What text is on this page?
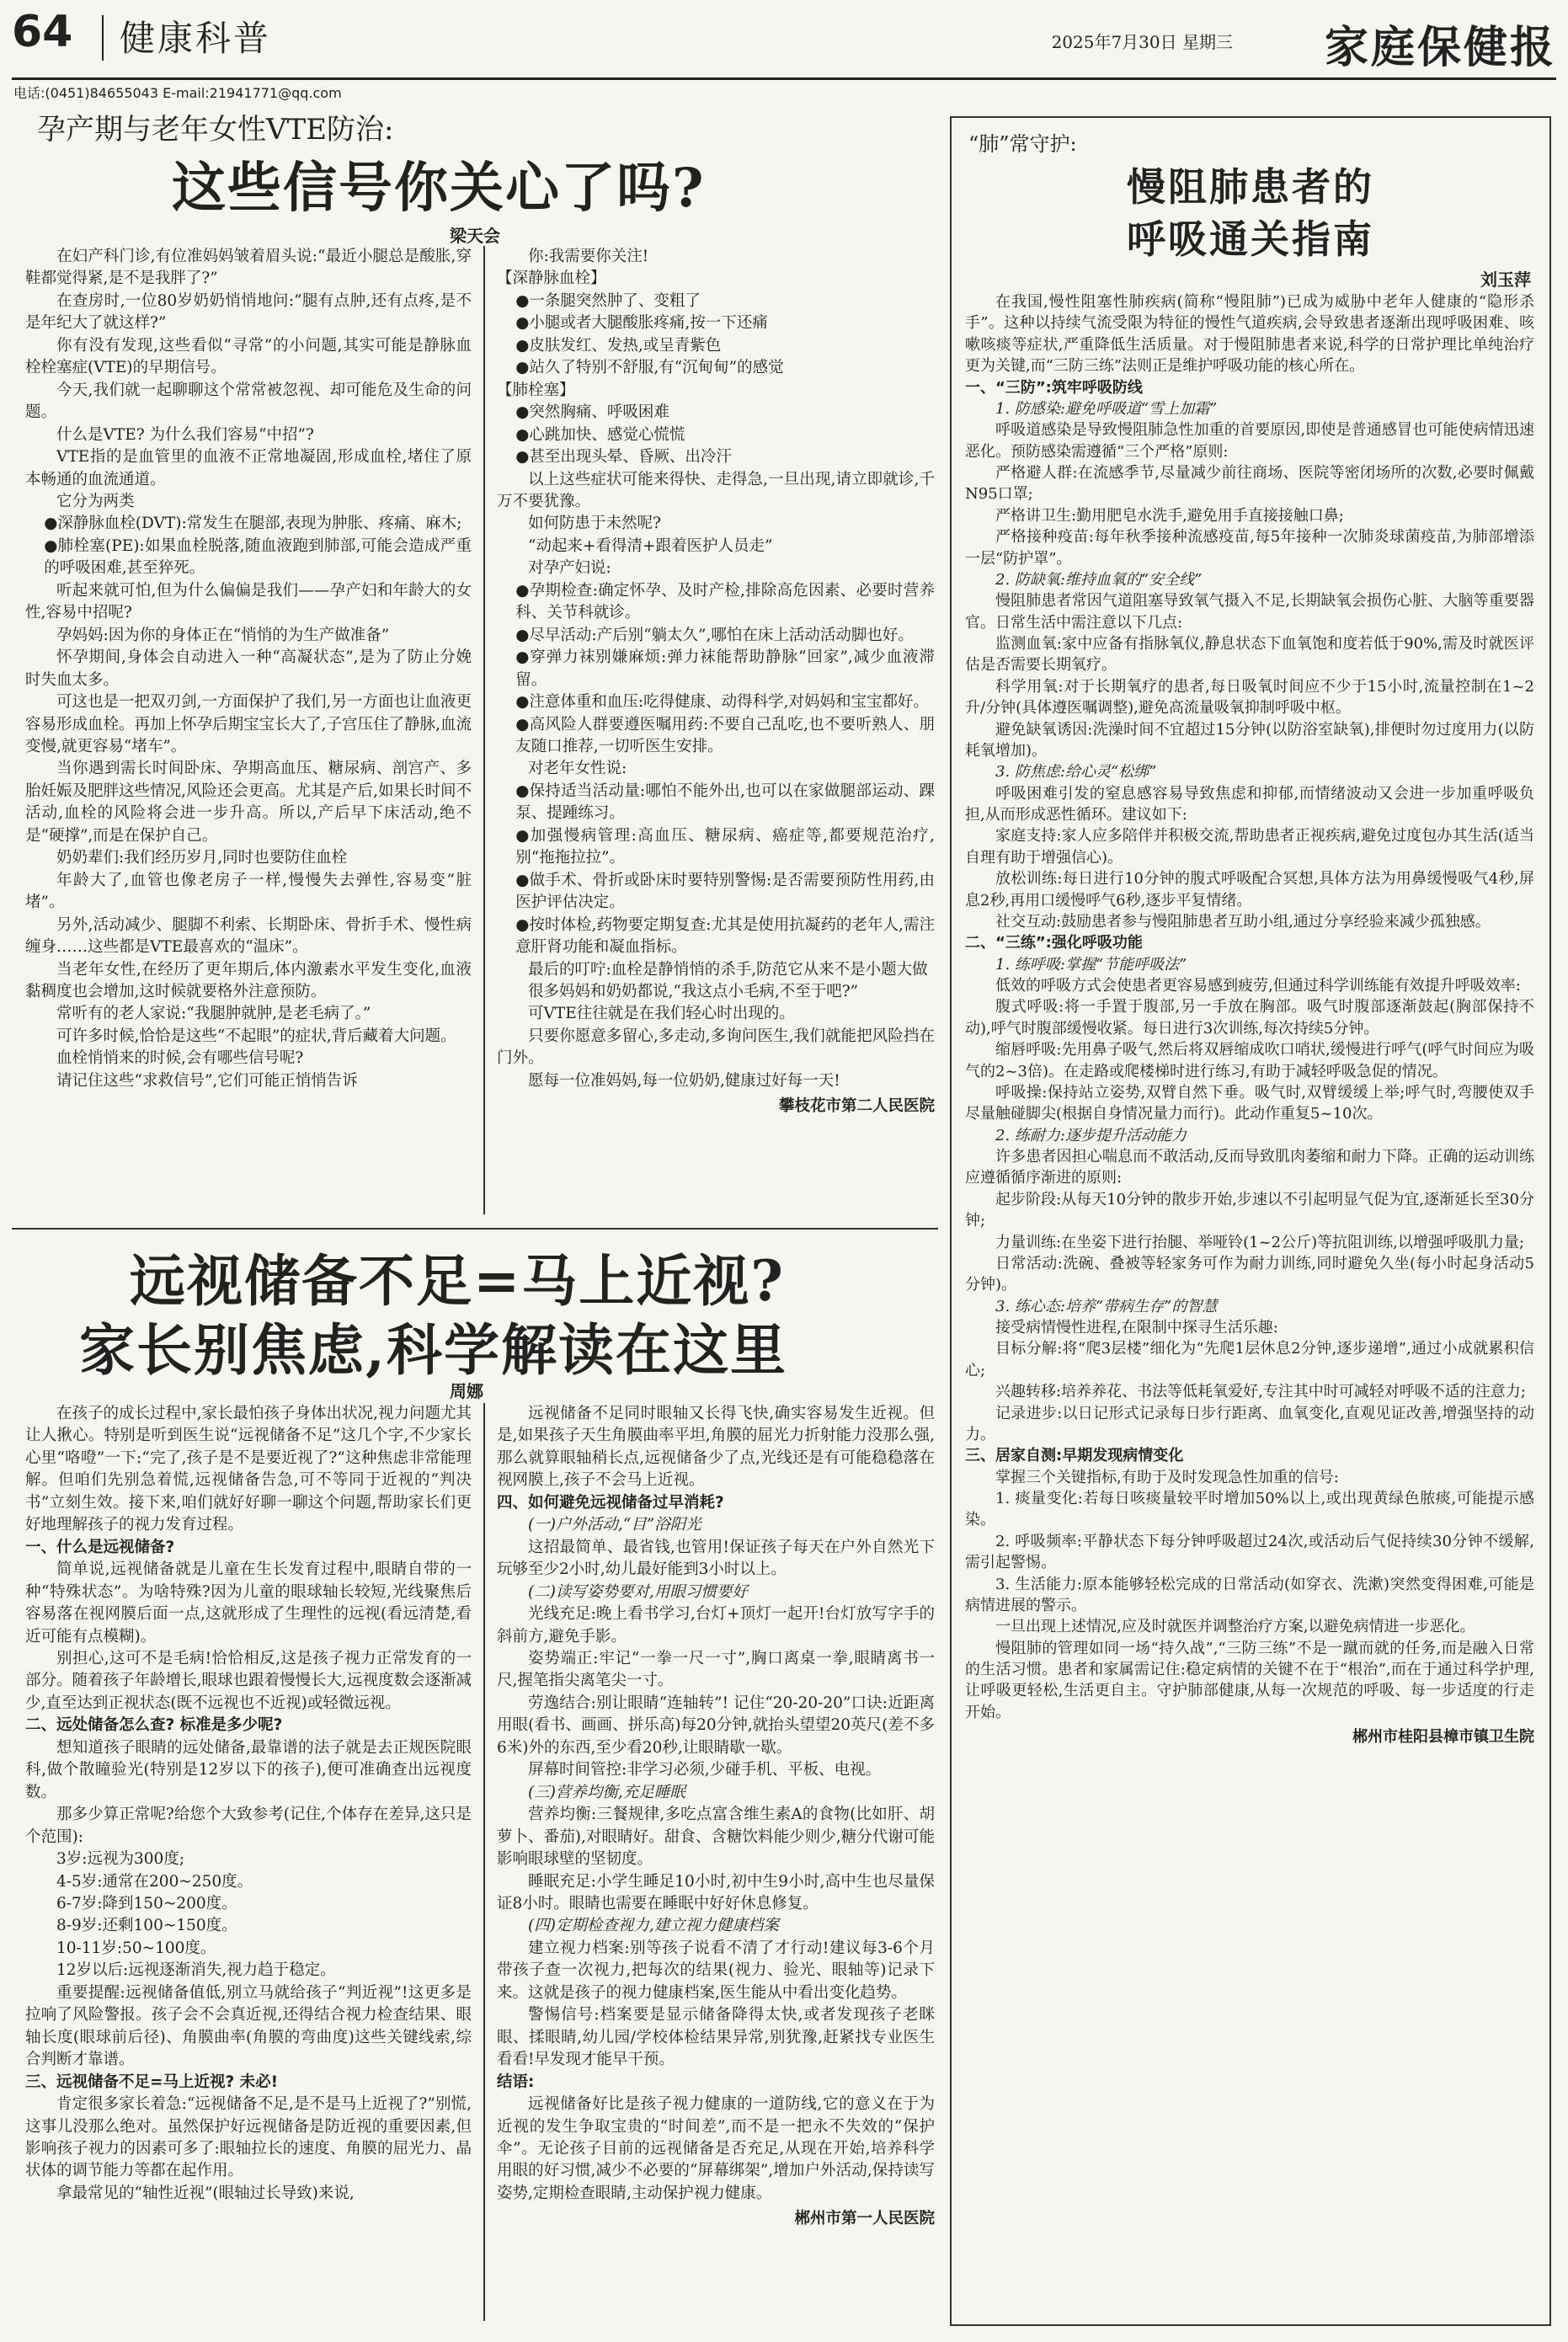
64 健康科普	2025年7月30日 星期三 家庭保健报
电话:(0451)84655043 E-mail:21941771@qq.com
孕产期与老年女性VTE防治:
这些信号你关心了吗?
梁天会

在妇产科门诊,有位准妈妈皱着眉头说:“最近小腿总是酸胀,穿鞋都觉得紧,是不是我胖了?”

在查房时,一位80岁奶奶悄悄地问:“腿有点肿,还有点疼,是不是年纪大了就这样?”

你有没有发现,这些看似“寻常”的小问题,其实可能是静脉血栓栓塞症(VTE)的早期信号。

今天,我们就一起聊聊这个常常被忽视、却可能危及生命的问题。

什么是VTE? 为什么我们容易“中招”?

VTE指的是血管里的血液不正常地凝固,形成血栓,堵住了原本畅通的血流通道。

它分为两类

●深静脉血栓(DVT):常发生在腿部,表现为肿胀、疼痛、麻木;

●肺栓塞(PE):如果血栓脱落,随血液跑到肺部,可能会造成严重的呼吸困难,甚至猝死。

听起来就可怕,但为什么偏偏是我们——孕产妇和年龄大的女性,容易中招呢?

孕妈妈:因为你的身体正在“悄悄的为生产做准备”

怀孕期间,身体会自动进入一种“高凝状态”,是为了防止分娩时失血太多。

可这也是一把双刃剑,一方面保护了我们,另一方面也让血液更容易形成血栓。再加上怀孕后期宝宝长大了,子宫压住了静脉,血流变慢,就更容易“堵车”。

当你遇到需长时间卧床、孕期高血压、糖尿病、剖宫产、多胎妊娠及肥胖这些情况,风险还会更高。尤其是产后,如果长时间不活动,血栓的风险将会进一步升高。所以,产后早下床活动,绝不是“硬撑”,而是在保护自己。

奶奶辈们:我们经历岁月,同时也要防住血栓

年龄大了,血管也像老房子一样,慢慢失去弹性,容易变“脏堵”。

另外,活动减少、腿脚不利索、长期卧床、骨折手术、慢性病缠身……这些都是VTE最喜欢的“温床”。

当老年女性,在经历了更年期后,体内激素水平发生变化,血液黏稠度也会增加,这时候就要格外注意预防。

常听有的老人家说:“我腿肿就肿,是老毛病了。”

可许多时候,恰恰是这些“不起眼”的症状,背后藏着大问题。

血栓悄悄来的时候,会有哪些信号呢?

请记住这些“求救信号”,它们可能正悄悄告诉

你:我需要你关注!

【深静脉血栓】

●一条腿突然肿了、变粗了

●小腿或者大腿酸胀疼痛,按一下还痛

●皮肤发红、发热,或呈青紫色

●站久了特别不舒服,有“沉甸甸”的感觉

【肺栓塞】

●突然胸痛、呼吸困难

●心跳加快、感觉心慌慌

●甚至出现头晕、昏厥、出冷汗

以上这些症状可能来得快、走得急,一旦出现,请立即就诊,千万不要犹豫。

如何防患于未然呢?

“动起来+看得清+跟着医护人员走”

对孕产妇说:

●孕期检查:确定怀孕、及时产检,排除高危因素、必要时营养科、关节科就诊。

●尽早活动:产后别“躺太久”,哪怕在床上活动活动脚也好。

●穿弹力袜别嫌麻烦:弹力袜能帮助静脉“回家”,减少血液滞留。

●注意体重和血压:吃得健康、动得科学,对妈妈和宝宝都好。

●高风险人群要遵医嘱用药:不要自己乱吃,也不要听熟人、朋友随口推荐,一切听医生安排。

对老年女性说:

●保持适当活动量:哪怕不能外出,也可以在家做腿部运动、踝泵、提踵练习。

●加强慢病管理:高血压、糖尿病、癌症等,都要规范治疗,别“拖拖拉拉”。

●做手术、骨折或卧床时要特别警惕:是否需要预防性用药,由医护评估决定。

●按时体检,药物要定期复查:尤其是使用抗凝药的老年人,需注意肝肾功能和凝血指标。

最后的叮咛:血栓是静悄悄的杀手,防范它从来不是小题大做

很多妈妈和奶奶都说,“我这点小毛病,不至于吧?”

可VTE往往就是在我们轻心时出现的。

只要你愿意多留心,多走动,多询问医生,我们就能把风险挡在门外。

愿每一位准妈妈,每一位奶奶,健康过好每一天!

攀枝花市第二人民医院

远视储备不足=马上近视?
家长别焦虑,科学解读在这里
周娜

在孩子的成长过程中,家长最怕孩子身体出状况,视力问题尤其让人揪心。特别是听到医生说“远视储备不足”这几个字,不少家长心里“咯噔”一下:“完了,孩子是不是要近视了?”这种焦虑非常能理解。但咱们先别急着慌,远视储备告急,可不等同于近视的“判决书”立刻生效。接下来,咱们就好好聊一聊这个问题,帮助家长们更好地理解孩子的视力发育过程。

一、什么是远视储备?

简单说,远视储备就是儿童在生长发育过程中,眼睛自带的一种“特殊状态”。为啥特殊?因为儿童的眼球轴长较短,光线聚焦后容易落在视网膜后面一点,这就形成了生理性的远视(看远清楚,看近可能有点模糊)。

别担心,这可不是毛病!恰恰相反,这是孩子视力正常发育的一部分。随着孩子年龄增长,眼球也跟着慢慢长大,远视度数会逐渐减少,直至达到正视状态(既不远视也不近视)或轻微远视。

二、远处储备怎么查? 标准是多少呢?

想知道孩子眼睛的远处储备,最靠谱的法子就是去正规医院眼科,做个散瞳验光(特别是12岁以下的孩子),便可准确查出远视度数。

那多少算正常呢?给您个大致参考(记住,个体存在差异,这只是个范围):

3岁:远视为300度;

4-5岁:通常在200~250度。

6-7岁:降到150~200度。

8-9岁:还剩100~150度。

10-11岁:50~100度。

12岁以后:远视逐渐消失,视力趋于稳定。

重要提醒:远视储备值低,别立马就给孩子“判近视”!这更多是拉响了风险警报。孩子会不会真近视,还得结合视力检查结果、眼轴长度(眼球前后径)、角膜曲率(角膜的弯曲度)这些关键线索,综合判断才靠谱。

三、远视储备不足=马上近视? 未必!

肯定很多家长着急:“远视储备不足,是不是马上近视了?”别慌,这事儿没那么绝对。虽然保护好远视储备是防近视的重要因素,但影响孩子视力的因素可多了:眼轴拉长的速度、角膜的屈光力、晶状体的调节能力等都在起作用。

拿最常见的“轴性近视”(眼轴过长导致)来说,

远视储备不足同时眼轴又长得飞快,确实容易发生近视。但是,如果孩子天生角膜曲率平坦,角膜的屈光力折射能力没那么强,那么就算眼轴稍长点,远视储备少了点,光线还是有可能稳稳落在视网膜上,孩子不会马上近视。

四、如何避免远视储备过早消耗?

(一)户外活动,“目”浴阳光

这招最简单、最省钱,也管用!保证孩子每天在户外自然光下玩够至少2小时,幼儿最好能到3小时以上。

(二)读写姿势要对,用眼习惯要好

光线充足:晚上看书学习,台灯+顶灯一起开!台灯放写字手的斜前方,避免手影。

姿势端正:牢记“一拳一尺一寸”,胸口离桌一拳,眼睛离书一尺,握笔指尖离笔尖一寸。

劳逸结合:别让眼睛“连轴转”! 记住“20-20-20”口诀:近距离用眼(看书、画画、拼乐高)每20分钟,就抬头望望20英尺(差不多6米)外的东西,至少看20秒,让眼睛歇一歇。

屏幕时间管控:非学习必须,少碰手机、平板、电视。

(三)营养均衡,充足睡眠

营养均衡:三餐规律,多吃点富含维生素A的食物(比如肝、胡萝卜、番茄),对眼睛好。甜食、含糖饮料能少则少,糖分代谢可能影响眼球壁的坚韧度。

睡眠充足:小学生睡足10小时,初中生9小时,高中生也尽量保证8小时。眼睛也需要在睡眠中好好休息修复。

(四)定期检查视力,建立视力健康档案

建立视力档案:别等孩子说看不清了才行动!建议每3-6个月带孩子查一次视力,把每次的结果(视力、验光、眼轴等)记录下来。这就是孩子的视力健康档案,医生能从中看出变化趋势。

警惕信号:档案要是显示储备降得太快,或者发现孩子老眯眼、揉眼睛,幼儿园/学校体检结果异常,别犹豫,赶紧找专业医生看看!早发现才能早干预。

结语:

远视储备好比是孩子视力健康的一道防线,它的意义在于为近视的发生争取宝贵的“时间差”,而不是一把永不失效的“保护伞”。无论孩子目前的远视储备是否充足,从现在开始,培养科学用眼的好习惯,减少不必要的“屏幕绑架”,增加户外活动,保持读写姿势,定期检查眼睛,主动保护视力健康。

郴州市第一人民医院

“肺”常守护:
慢阻肺患者的
呼吸通关指南
刘玉萍

在我国,慢性阻塞性肺疾病(简称“慢阻肺”)已成为威胁中老年人健康的“隐形杀手”。这种以持续气流受限为特征的慢性气道疾病,会导致患者逐渐出现呼吸困难、咳嗽咳痰等症状,严重降低生活质量。对于慢阻肺患者来说,科学的日常护理比单纯治疗更为关键,而“三防三练”法则正是维护呼吸功能的核心所在。

一、“三防”:筑牢呼吸防线

1. 防感染:避免呼吸道“雪上加霜”

呼吸道感染是导致慢阻肺急性加重的首要原因,即使是普通感冒也可能使病情迅速恶化。预防感染需遵循“三个严格”原则:

严格避人群:在流感季节,尽量减少前往商场、医院等密闭场所的次数,必要时佩戴N95口罩;

严格讲卫生:勤用肥皂水洗手,避免用手直接接触口鼻;

严格接种疫苗:每年秋季接种流感疫苗,每5年接种一次肺炎球菌疫苗,为肺部增添一层“防护罩”。

2. 防缺氧:维持血氧的“安全线”

慢阻肺患者常因气道阻塞导致氧气摄入不足,长期缺氧会损伤心脏、大脑等重要器官。日常生活中需注意以下几点:

监测血氧:家中应备有指脉氧仪,静息状态下血氧饱和度若低于90%,需及时就医评估是否需要长期氧疗。

科学用氧:对于长期氧疗的患者,每日吸氧时间应不少于15小时,流量控制在1~2升/分钟(具体遵医嘱调整),避免高流量吸氧抑制呼吸中枢。

避免缺氧诱因:洗澡时间不宜超过15分钟(以防浴室缺氧),排便时勿过度用力(以防耗氧增加)。

3. 防焦虑:给心灵“松绑”

呼吸困难引发的窒息感容易导致焦虑和抑郁,而情绪波动又会进一步加重呼吸负担,从而形成恶性循环。建议如下:

家庭支持:家人应多陪伴并积极交流,帮助患者正视疾病,避免过度包办其生活(适当自理有助于增强信心)。

放松训练:每日进行10分钟的腹式呼吸配合冥想,具体方法为用鼻缓慢吸气4秒,屏息2秒,再用口缓慢呼气6秒,逐步平复情绪。

社交互动:鼓励患者参与慢阻肺患者互助小组,通过分享经验来减少孤独感。

二、“三练”:强化呼吸功能

1. 练呼吸:掌握“节能呼吸法”

低效的呼吸方式会使患者更容易感到疲劳,但通过科学训练能有效提升呼吸效率:

腹式呼吸:将一手置于腹部,另一手放在胸部。吸气时腹部逐渐鼓起(胸部保持不动),呼气时腹部缓慢收紧。每日进行3次训练,每次持续5分钟。

缩唇呼吸:先用鼻子吸气,然后将双唇缩成吹口哨状,缓慢进行呼气(呼气时间应为吸气的2~3倍)。在走路或爬楼梯时进行练习,有助于减轻呼吸急促的情况。

呼吸操:保持站立姿势,双臂自然下垂。吸气时,双臂缓缓上举;呼气时,弯腰使双手尽量触碰脚尖(根据自身情况量力而行)。此动作重复5~10次。

2. 练耐力:逐步提升活动能力

许多患者因担心喘息而不敢活动,反而导致肌肉萎缩和耐力下降。正确的运动训练应遵循循序渐进的原则:

起步阶段:从每天10分钟的散步开始,步速以不引起明显气促为宜,逐渐延长至30分钟;

力量训练:在坐姿下进行抬腿、举哑铃(1~2公斤)等抗阻训练,以增强呼吸肌力量;

日常活动:洗碗、叠被等轻家务可作为耐力训练,同时避免久坐(每小时起身活动5分钟)。

3. 练心态:培养“带病生存”的智慧

接受病情慢性进程,在限制中探寻生活乐趣:

目标分解:将“爬3层楼”细化为“先爬1层休息2分钟,逐步递增”,通过小成就累积信心;

兴趣转移:培养养花、书法等低耗氧爱好,专注其中时可减轻对呼吸不适的注意力;

记录进步:以日记形式记录每日步行距离、血氧变化,直观见证改善,增强坚持的动力。

三、居家自测:早期发现病情变化

掌握三个关键指标,有助于及时发现急性加重的信号:

1. 痰量变化:若每日咳痰量较平时增加50%以上,或出现黄绿色脓痰,可能提示感染。

2. 呼吸频率:平静状态下每分钟呼吸超过24次,或活动后气促持续30分钟不缓解,需引起警惕。

3. 生活能力:原本能够轻松完成的日常活动(如穿衣、洗漱)突然变得困难,可能是病情进展的警示。

一旦出现上述情况,应及时就医并调整治疗方案,以避免病情进一步恶化。

慢阻肺的管理如同一场“持久战”,“三防三练”不是一蹴而就的任务,而是融入日常的生活习惯。患者和家属需记住:稳定病情的关键不在于“根治”,而在于通过科学护理,让呼吸更轻松,生活更自主。守护肺部健康,从每一次规范的呼吸、每一步适度的行走开始。

郴州市桂阳县樟市镇卫生院
